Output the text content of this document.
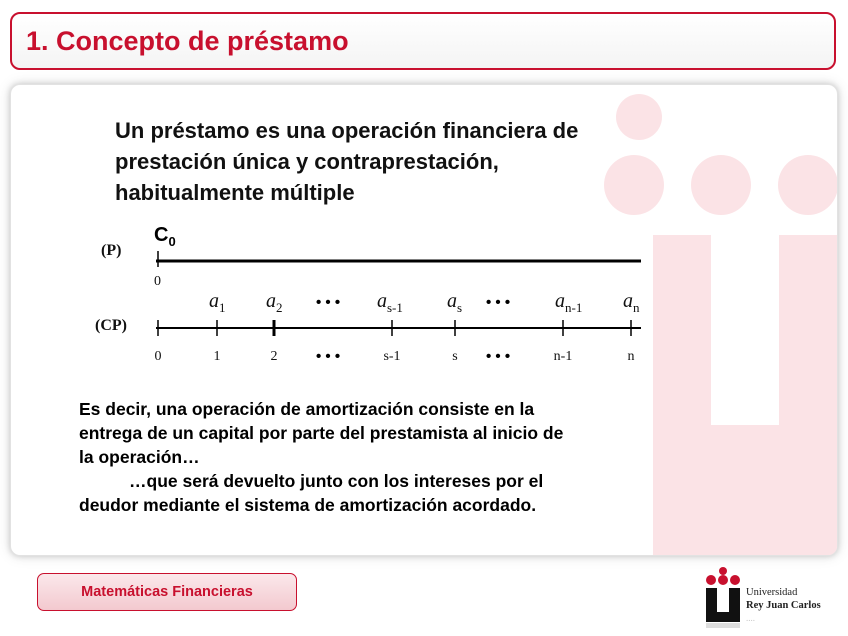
1. Concepto de préstamo
Un préstamo es una operación financiera de
prestación única y contraprestación,
habitualmente múltiple
(P)
$C_0$
0
(CP)
• • •	• • •
• • •	• • •
$a_1$ $a_2$	$a_{s-1}$ $a_s$	$a_{n-1}$ $a_n$
0	1	2	s-1	s	n-1	n
Es decir, una operación de amortización consiste en la
entrega de un capital por parte del prestamista al inicio de
la operación…
…que será devuelto junto con los intereses por el
deudor mediante el sistema de amortización acordado.
Matemáticas Financieras	Universidad
Rey Juan Carlos
....
